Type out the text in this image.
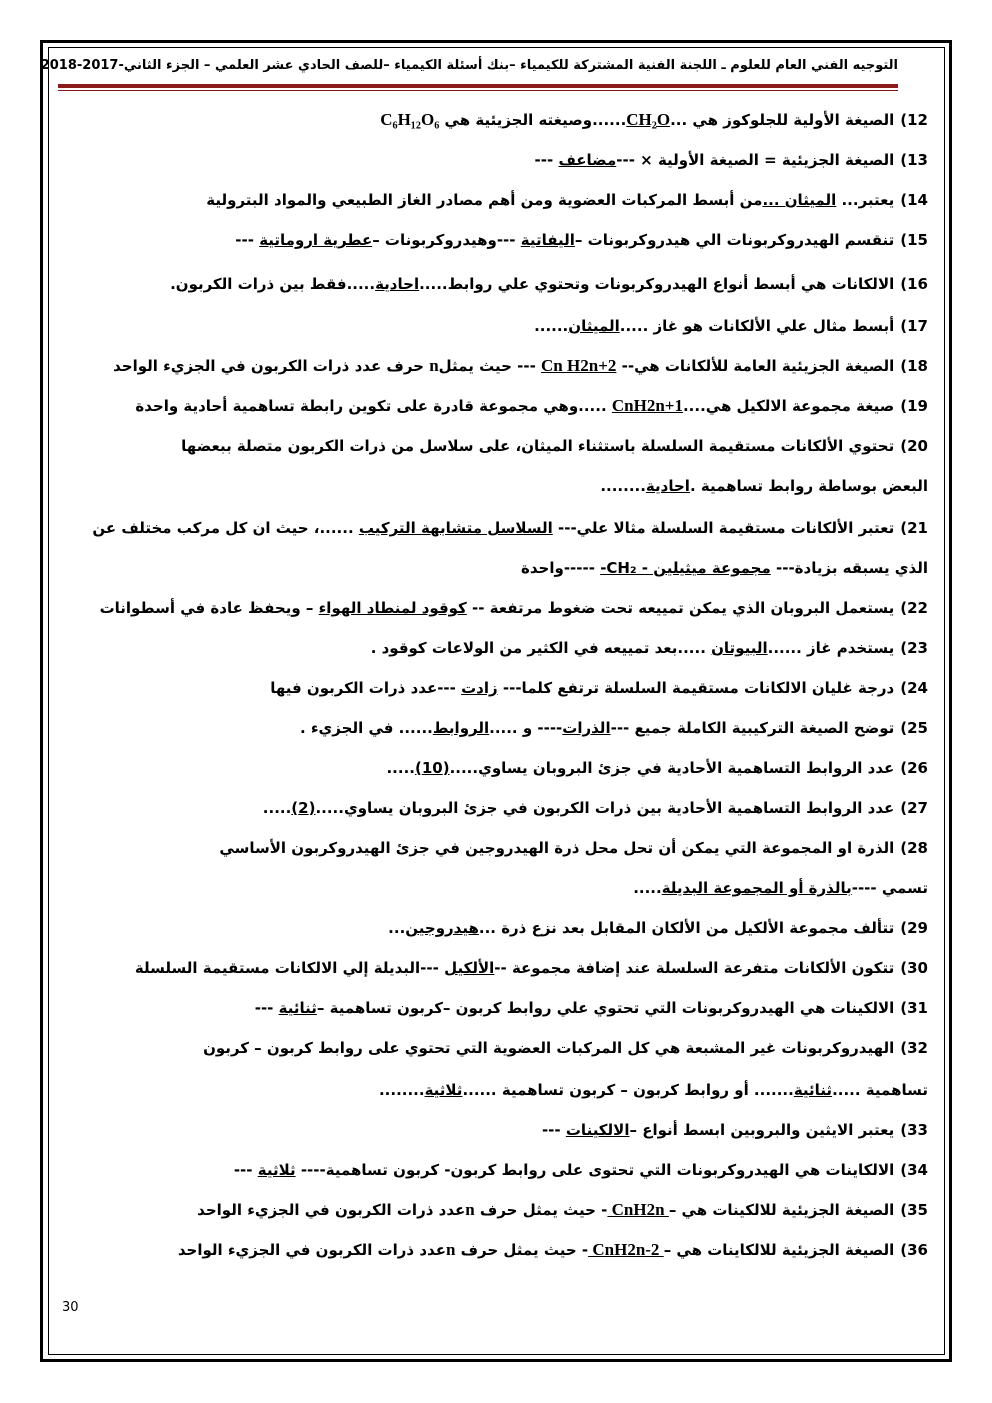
التوجيه الفني العام للعلوم ـ اللجنة الفنية المشتركة للكيمياء –بنك أسئلة الكيمياء –للصف الحادي عشر العلمي – الجزء الثاني-2017-2018
12)الصيغة الأولية للجلوكوز هي ...CH₂O......وصيغته الجزيئية هي C₆H₁₂O₆
13)الصيغة الجزيئية = الصيغة الأولية × ---مضاعف ---
14)يعتبر... الميثان ...من أبسط المركبات العضوية ومن أهم مصادر الغاز الطبيعي والمواد البترولية
15)تنقسم الهيدروكربونات الي هيدروكربونات –اليفاتية ---وهيدروكربونات –عطرية اروماتية ---
16)الالكانات هي أبسط أنواع الهيدروكربونات وتحتوي علي روابط.....احادية.....فقط بين ذرات الكربون.
17)أبسط مثال علي الألكانات هو غاز .....الميثان......
18)الصيغة الجزيئية العامة للألكانات هي-- Cn H2n+2 --- حيث يمثلn حرف عدد ذرات الكربون في الجزيء الواحد
19)صيغة مجموعة الالكيل هي....CnH2n+1 .....وهي مجموعة قادرة على تكوين رابطة تساهمية أحادية واحدة
20)تحتوي الألكانات مستقيمة السلسلة باستثناء الميثان، على سلاسل من ذرات الكربون متصلة ببعضها
البعض بوساطة روابط تساهمية .احادية........
21)تعتبر الألكانات مستقيمة السلسلة مثالا علي--- السلاسل متشابهة التركيب ......، حيث ان كل مركب مختلف عن
الذي يسبقه بزيادة--- مجموعة ميثيلين - CH₂- -----واحدة
22)يستعمل البروبان الذي يمكن تمييعه تحت ضغوط مرتفعة -- كوقود لمنطاد الهواء – ويحفظ عادة في أسطوانات
23)يستخدم غاز ......البيوتان .....بعد تمييعه في الكثير من الولاعات كوقود .
24)درجة غليان الالكانات مستقيمة السلسلة ترتفع كلما--- زادت ---عدد ذرات الكربون فيها
25)توضح الصيغة التركيبية الكاملة جميع ---الذرات---- و .....الروابط...... في الجزيء .
26)عدد الروابط التساهمية الأحادية في جزئ البروبان يساوي.....(10).....
27)عدد الروابط التساهمية الأحادية بين ذرات الكربون في جزئ البروبان يساوي.....(2).....
28)الذرة او المجموعة التي يمكن أن تحل محل ذرة الهيدروجين في جزئ الهيدروكربون الأساسي
تسمي ----بالذرة أو المجموعة البديلة.....
29)تتألف مجموعة الألكيل من الألكان المقابل بعد نزع ذرة ...هيدروجين...
30)تتكون الألكانات متفرعة السلسلة عند إضافة مجموعة --الألكيل ---البديلة إلي الالكانات مستقيمة السلسلة
31)الالكينات هي الهيدروكربونات التي تحتوي علي روابط كربون –كربون تساهمية –ثنائية ---
32)الهيدروكربونات غير المشبعة هي كل المركبات العضوية التي تحتوي على روابط كربون – كربون
تساهمية .....ثنائية....... أو روابط كربون – كربون تساهمية ......ثلاثية........
33)يعتبر الايثين والبروبين ابسط أنواع –الالكينات ---
34)الالكاينات هي الهيدروكربونات التي تحتوى على روابط كربون- كربون تساهمية---- ثلاثية ---
35)الصيغة الجزيئية للالكينات هي – CnH2n - حيث يمثل حرف nعدد ذرات الكربون في الجزيء الواحد
36)الصيغة الجزيئية للالكاينات هي – CnH2n-2 - حيث يمثل حرف nعدد ذرات الكربون في الجزيء الواحد
30
